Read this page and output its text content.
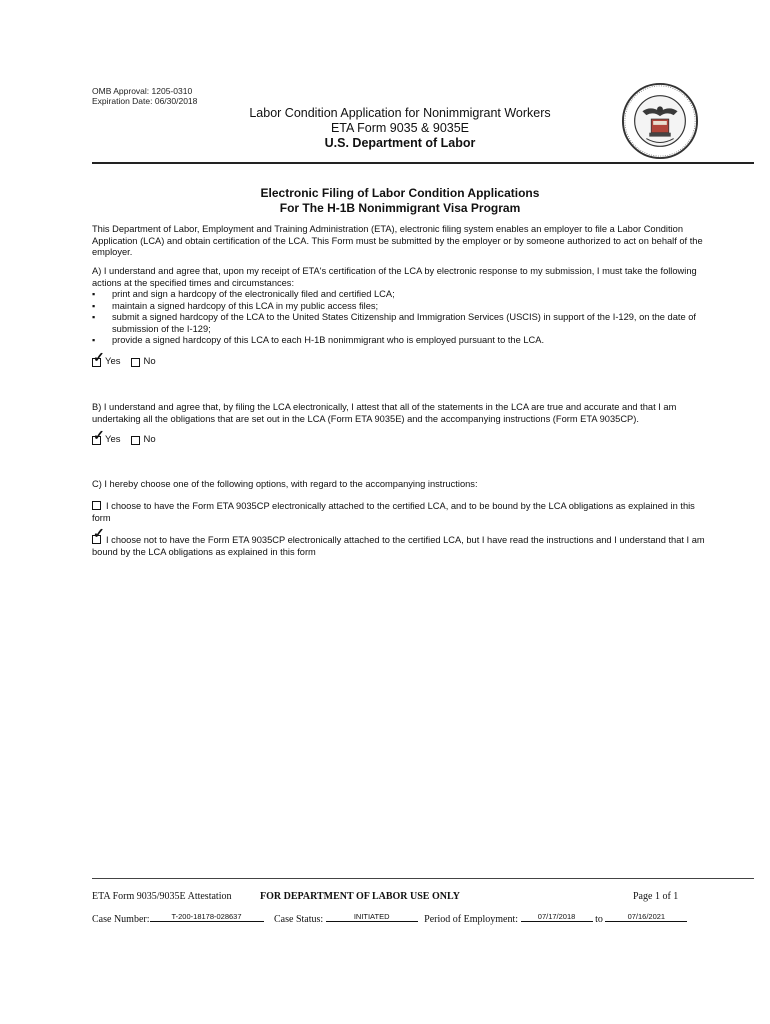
OMB Approval: 1205-0310
Expiration Date: 06/30/2018
Labor Condition Application for Nonimmigrant Workers
ETA Form 9035 & 9035E
U.S. Department of Labor
Electronic Filing of Labor Condition Applications
For The H-1B Nonimmigrant Visa Program
This Department of Labor, Employment and Training Administration (ETA), electronic filing system enables an employer to file a Labor Condition Application (LCA) and obtain certification of the LCA. This Form must be submitted by the employer or by someone authorized to act on behalf of the employer.
A) I understand and agree that, upon my receipt of ETA's certification of the LCA by electronic response to my submission, I must take the following actions at the specified times and circumstances:
▪ print and sign a hardcopy of the electronically filed and certified LCA;
▪ maintain a signed hardcopy of this LCA in my public access files;
▪ submit a signed hardcopy of the LCA to the United States Citizenship and Immigration Services (USCIS) in support of the I-129, on the date of submission of the I-129;
▪ provide a signed hardcopy of this LCA to each H-1B nonimmigrant who is employed pursuant to the LCA.
✓
Yes No
B) I understand and agree that, by filing the LCA electronically, I attest that all of the statements in the LCA are true and accurate and that I am undertaking all the obligations that are set out in the LCA (Form ETA 9035E) and the accompanying instructions (Form ETA 9035CP).
✓
Yes No
C) I hereby choose one of the following options, with regard to the accompanying instructions:
I choose to have the Form ETA 9035CP electronically attached to the certified LCA, and to be bound by the LCA obligations as explained in this form
✓I choose not to have the Form ETA 9035CP electronically attached to the certified LCA, but I have read the instructions and I understand that I am bound by the LCA obligations as explained in this form
ETA Form 9035/9035E Attestation	FOR DEPARTMENT OF LABOR USE ONLY	Page 1 of 1
Case Number:	T-200-18178-028637	Case Status:	INITIATED	Period of Employment:	07/17/2018 to	07/16/2021
